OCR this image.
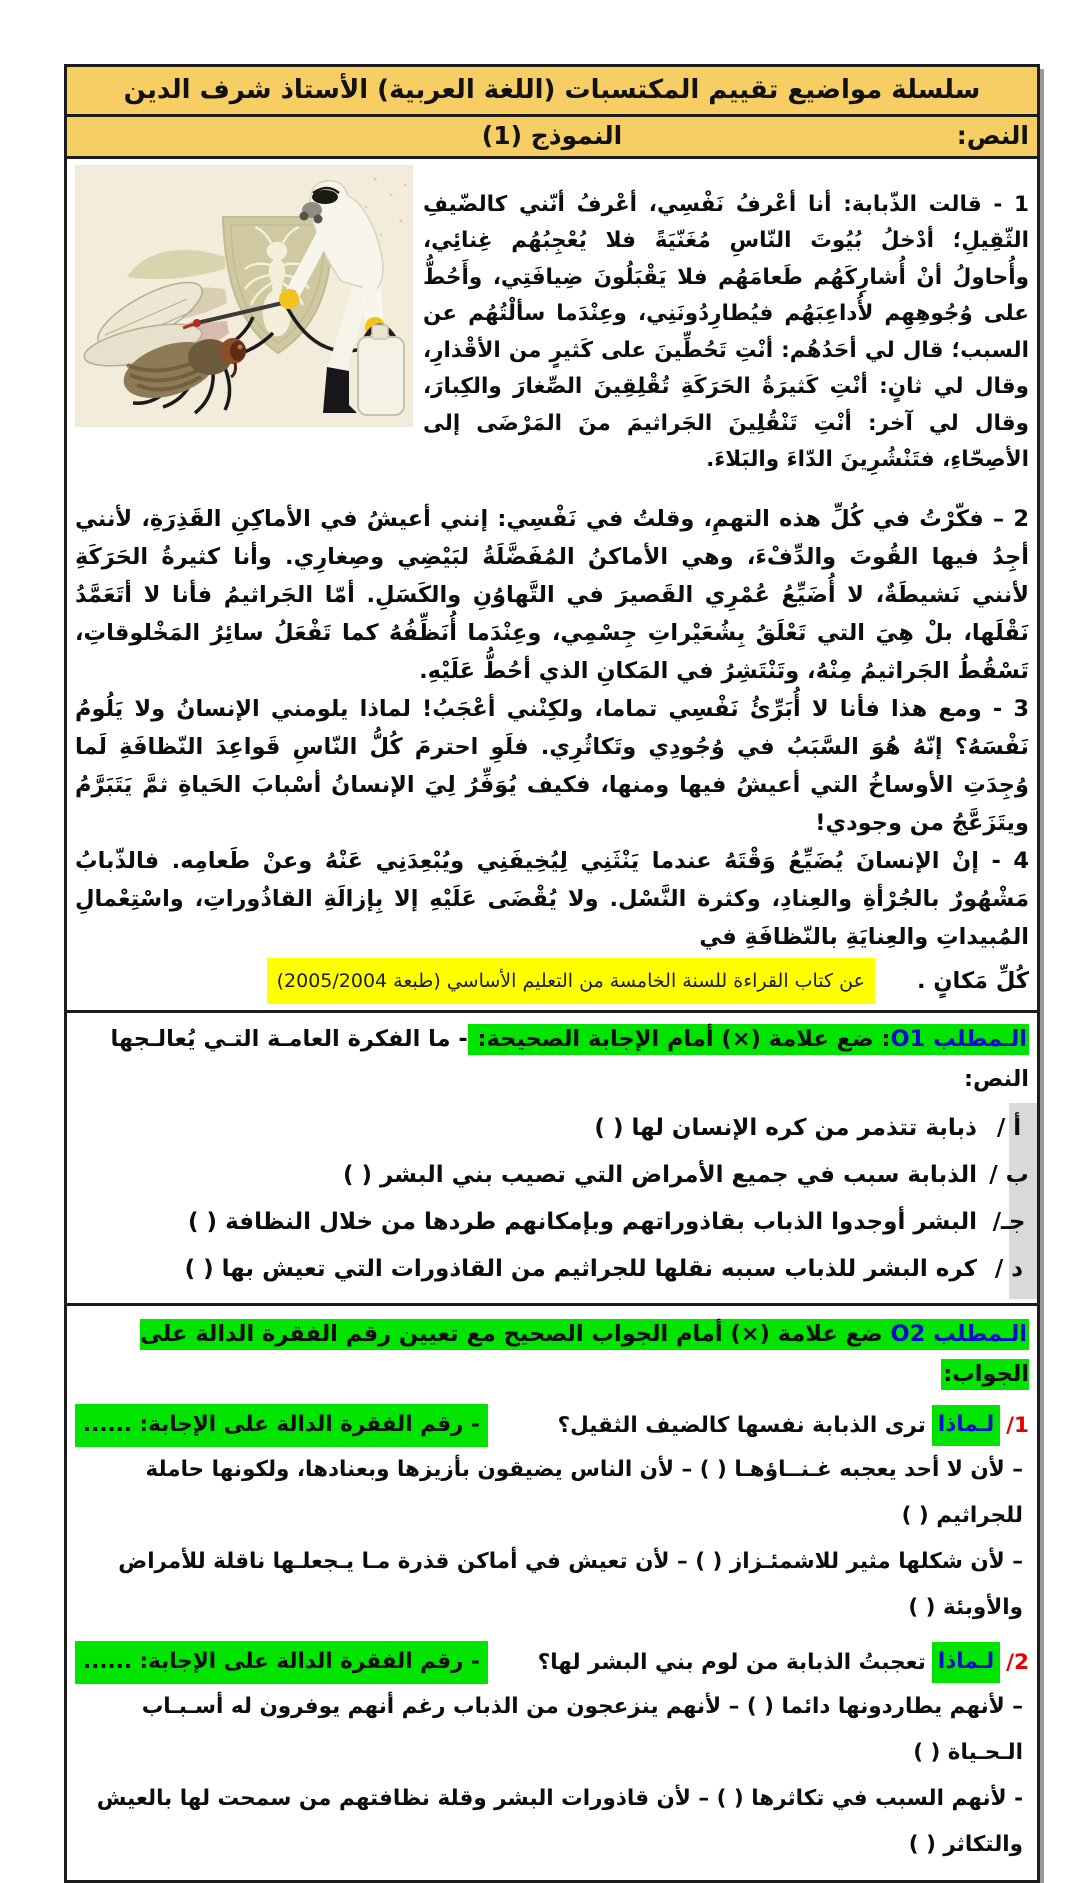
سلسلة مواضيع تقييم المكتسبات (اللغة العربية) الأستاذ شرف الدين
النص:
النموذج (1)

1 - قالت الذّبابة: أنا أعْرفُ نَفْسِي، أعْرفُ أنّني كالضّيفِ الثّقِيلِ؛ أدْخلُ بُيُوتَ النّاسِ مُغَنّيَةً فلا يُعْجِبُهُم غِنائِي، وأُحاولُ أنْ أُشارِكَهُم طَعامَهُم فلا يَقْبَلُونَ ضِيافَتِي، وأَحُطُّ على وُجُوهِهِم لأُداعِبَهُم فيُطارِدُونَنِي، وعِنْدَما سألْتُهُم عن السبب؛ قال لي أحَدُهُم: أنْتِ تَحُطِّينَ على كَثيرٍ من الأقْذارِ، وقال لي ثانٍ: أنْتِ كَثيرَةُ الحَرَكَةِ تُقْلِقِينَ الصِّغارَ والكِبارَ، وقال لي آخر: أنْتِ تَنْقُلِينَ الجَراثيمَ منَ المَرْضَى إلى الأصِحّاءِ، فتَنْشُرِينَ الدّاءَ والبَلاءَ.

2 – فكّرْتُ في كُلِّ هذه التهمِ، وقلتُ في نَفْسِي: إنني أعيشُ في الأماكِنِ القَذِرَةِ، لأنني أجِدُ فيها القُوتَ والدِّفْءَ، وهي الأماكنُ المُفَضَّلَةُ لبَيْضِي وصِغارِي. وأنا كثيرةُ الحَرَكَةِ لأنني نَشيطَةٌ، لا أُضَيِّعُ عُمْرِي القَصيرَ في التَّهاوُنِ والكَسَلِ. أمّا الجَراثيمُ فأنا لا أتَعَمَّدُ نَقْلَها، بلْ هِيَ التي تَعْلَقُ بِشُعَيْراتِ جِسْمِي، وعِنْدَما أُنَظِّفُهُ كما تَفْعَلُ سائِرُ المَخْلوقاتِ، تَسْقُطُ الجَراثيمُ مِنْهُ، وتَنْتَشِرُ في المَكانِ الذي أحُطُّ عَلَيْهِ.

3 - ومع هذا فأنا لا أُبَرِّئُ نَفْسِي تماما، ولكِنْني أعْجَبُ! لماذا يلومني الإنسانُ ولا يَلُومُ نَفْسَهُ؟ إنّهُ هُوَ السَّبَبُ في وُجُودِي وتَكاثُرِي. فلَوِ احترمَ كُلُّ النّاسِ قَواعِدَ النّظافَةِ لَما وُجِدَتِ الأوساخُ التي أعيشُ فيها ومنها، فكيف يُوَفِّرُ لِيَ الإنسانُ أسْبابَ الحَياةِ ثمَّ يَتَبَرَّمُ ويتَزَعَّجُ من وجودي!

4 - إنْ الإنسانَ يُضَيِّعُ وَقْتَهُ عندما يَنْثَنِي لِيُخِيفَنِي ويُبْعِدَنِي عَنْهُ وعنْ طَعامِه. فالذّبابُ مَشْهُورٌ بالجُرْأةِ والعِنادِ، وكثرة النَّسْل. ولا يُقْضَى عَلَيْهِ إلا بِإزالَةِ القاذُوراتِ، واسْتِعْمالِ المُبيداتِ والعِنايَةِ بالنّظافَةِ في

كُلِّ مَكانٍ .
عن كتاب القراءة للسنة الخامسة من التعليم الأساسي (طبعة 2005/2004)
الـمطلب O1: ضع علامة (×) أمام الإجابة الصحيحة: - ما الفكرة العامـة التـي يُعالـجها النص:
أ /
ذبابة تتذمر من كره الإنسان لها ( )
ب /
الذبابة سبب في جميع الأمراض التي تصيب بني البشر ( )
جـ/
البشر أوجدوا الذباب بقاذوراتهم وبإمكانهم طردها من خلال النظافة ( )
د /
كره البشر للذباب سببه نقلها للجراثيم من القاذورات التي تعيش بها ( )
الـمطلب O2 ضع علامة (×) أمام الجواب الصحيح مع تعيين رقم الفقرة الدالة على الجواب:
1/
لـماذا
ترى الذبابة نفسها كالضيف الثقيل؟
- رقم الفقرة الدالة على الإجابة: ......
– لأن لا أحد يعجبه غـنــاؤهـا ( ) – لأن الناس يضيقون بأزيزها وبعنادها، ولكونها حاملة للجراثيم ( )
– لأن شكلها مثير للاشمئـزاز ( ) – لأن تعيش في أماكن قذرة مـا يـجعلـها ناقلة للأمراض والأوبئة ( )
2/
لـماذا
تعجبتُ الذبابة من لوم بني البشر لها؟
- رقم الفقرة الدالة على الإجابة: ......
– لأنهم يطاردونها دائما ( ) – لأنهم ينزعجون من الذباب رغم أنهم يوفرون له أسـبـاب الـحـياة ( )
- لأنهم السبب في تكاثرها ( ) – لأن قاذورات البشر وقلة نظافتهم من سمحت لها بالعيش والتكاثر ( )
